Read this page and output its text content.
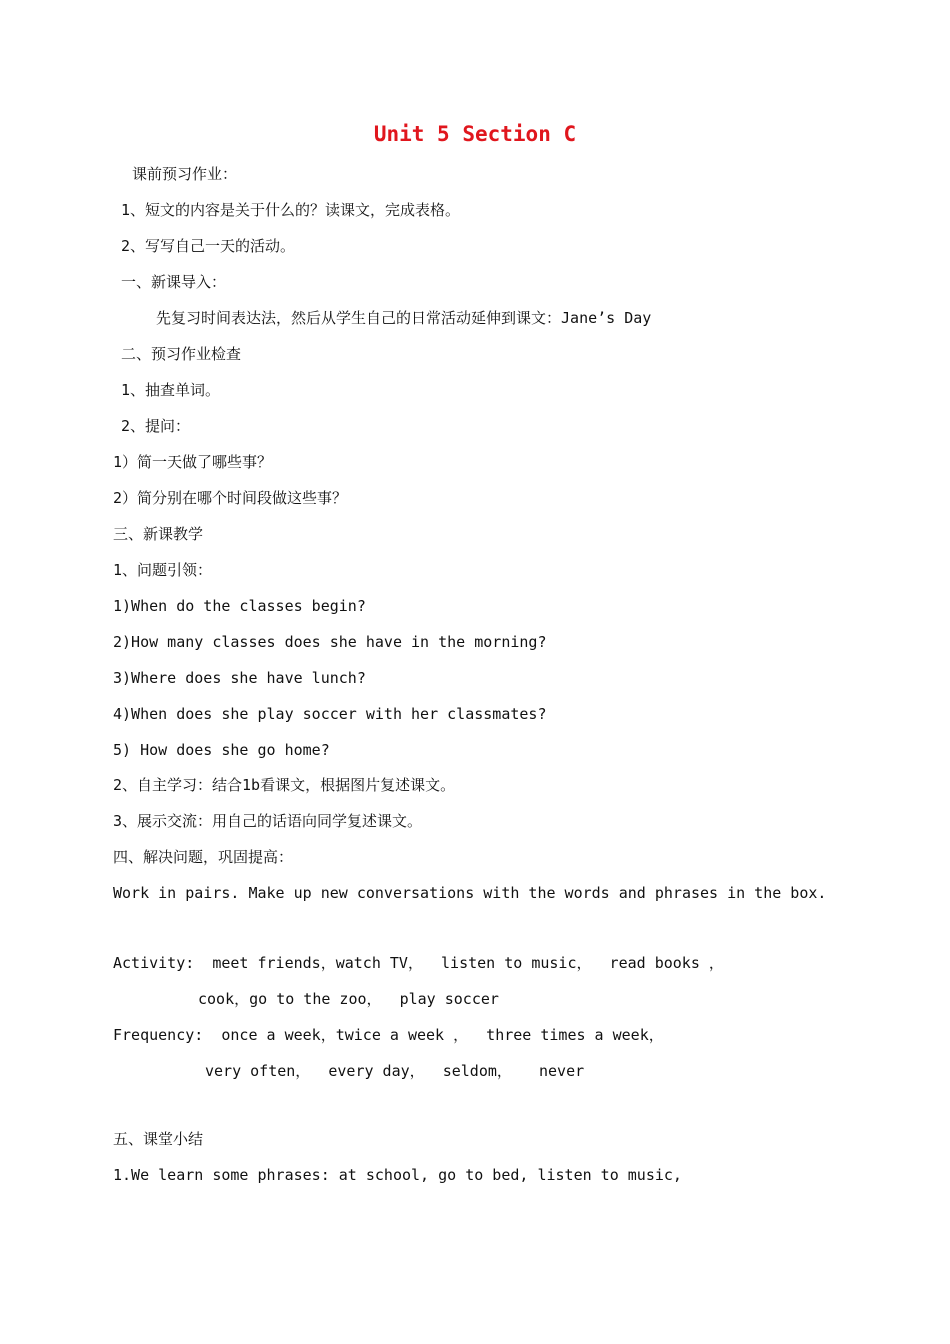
Unit 5 Section C
课前预习作业：
1、短文的内容是关于什么的？读课文，完成表格。
2、写写自己一天的活动。
一、新课导入：
先复习时间表达法，然后从学生自己的日常活动延伸到课文：Jane’s Day
二、预习作业检查
1、抽查单词。
2、提问：
1）简一天做了哪些事？
2）简分别在哪个时间段做这些事？
三、新课教学
1、问题引领：
1)When do the classes begin?
2)How many classes does she have in the morning?
3)Where does she have lunch?
4)When does she play soccer with her classmates?
5) How does she go home?
2、自主学习：结合1b看课文，根据图片复述课文。
3、展示交流：用自己的话语向同学复述课文。
四、解决问题，巩固提高：
Work in pairs. Make up new conversations with the words and phrases in the box.
Activity:  meet friends，watch TV，  listen to music，  read books ，
cook，go to the zoo，  play soccer
Frequency:  once a week，twice a week ，  three times a week，
very often，  every day，  seldom，   never
五、课堂小结
1.We learn some phrases: at school, go to bed, listen to music,
